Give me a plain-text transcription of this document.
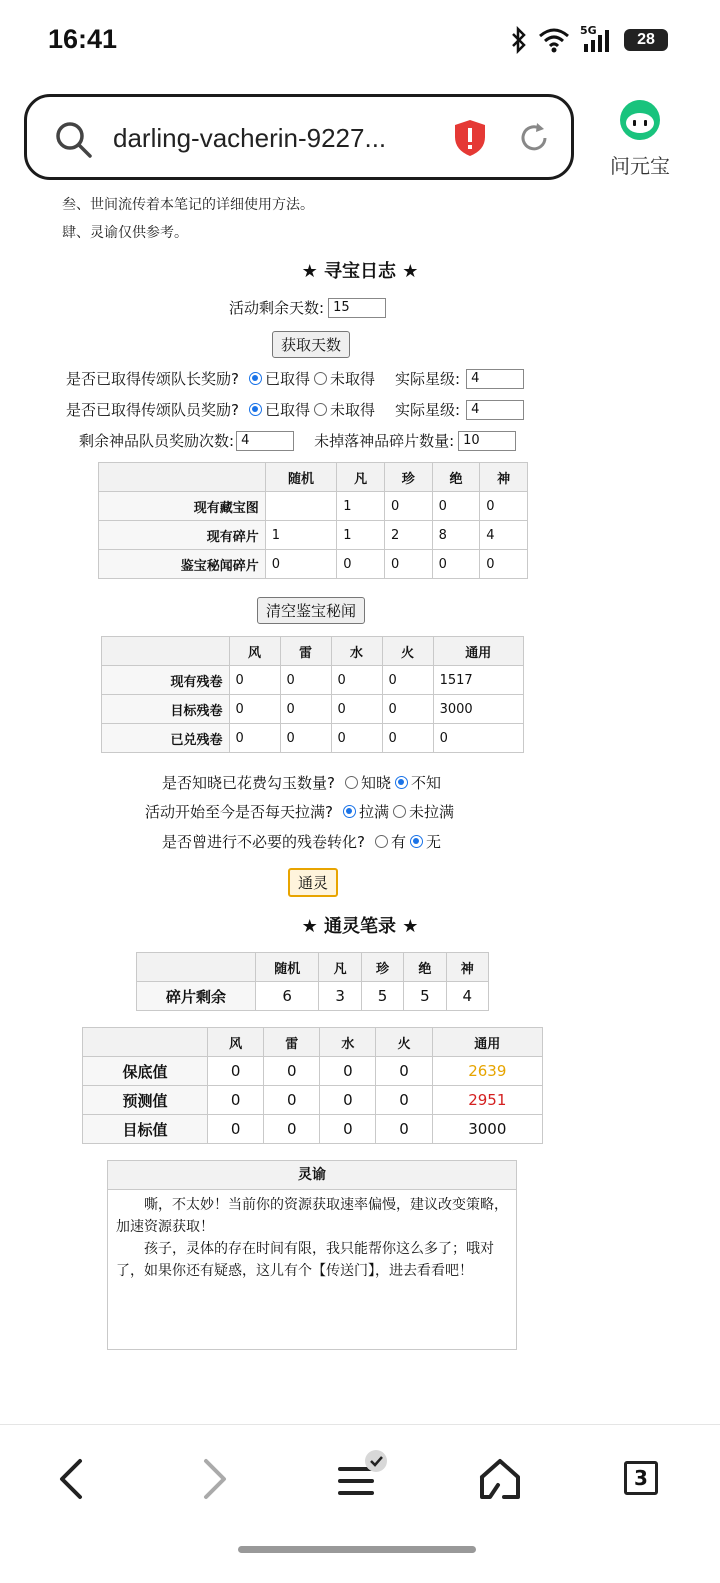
16:41	5G
28
darling-vacherin-9227...
问元宝
叁、世间流传着本笔记的详细使用方法。
肆、灵谕仅供参考。
★ 寻宝日志 ★
活动剩余天数: 15
获取天数
是否已取得传颂队长奖励? 已取得 未取得 实际星级: 4
是否已取得传颂队员奖励? 已取得 未取得 实际星级: 4
剩余神品队员奖励次数: 4	未掉落神品碎片数量: 10
	随机	凡	珍	绝	神
现有藏宝图		1	0	0	0
现有碎片	1	1	2	8	4
鉴宝秘闻碎片	0	0	0	0	0
清空鉴宝秘闻
	风	雷	水	火	通用
现有残卷	0	0	0	0	1517
目标残卷	0	0	0	0	3000
已兑残卷	0	0	0	0	0
是否知晓已花费勾玉数量? 知晓 不知
活动开始至今是否每天拉满? 拉满 未拉满
是否曾进行不必要的残卷转化? 有 无
通灵
★ 通灵笔录 ★
	随机	凡	珍	绝	神
碎片剩余	6	3	5	5	4
	风	雷	水	火	通用
保底值	0	0	0	0	2639
预测值	0	0	0	0	2951
目标值	0	0	0	0	3000
灵谕

嘶，不太妙！当前你的资源获取速率偏慢，建议改变策略，加速资源获取！

孩子，灵体的存在时间有限，我只能帮你这么多了；哦对了，如果你还有疑惑，这儿有个【传送门】，进去看看吧！

3
